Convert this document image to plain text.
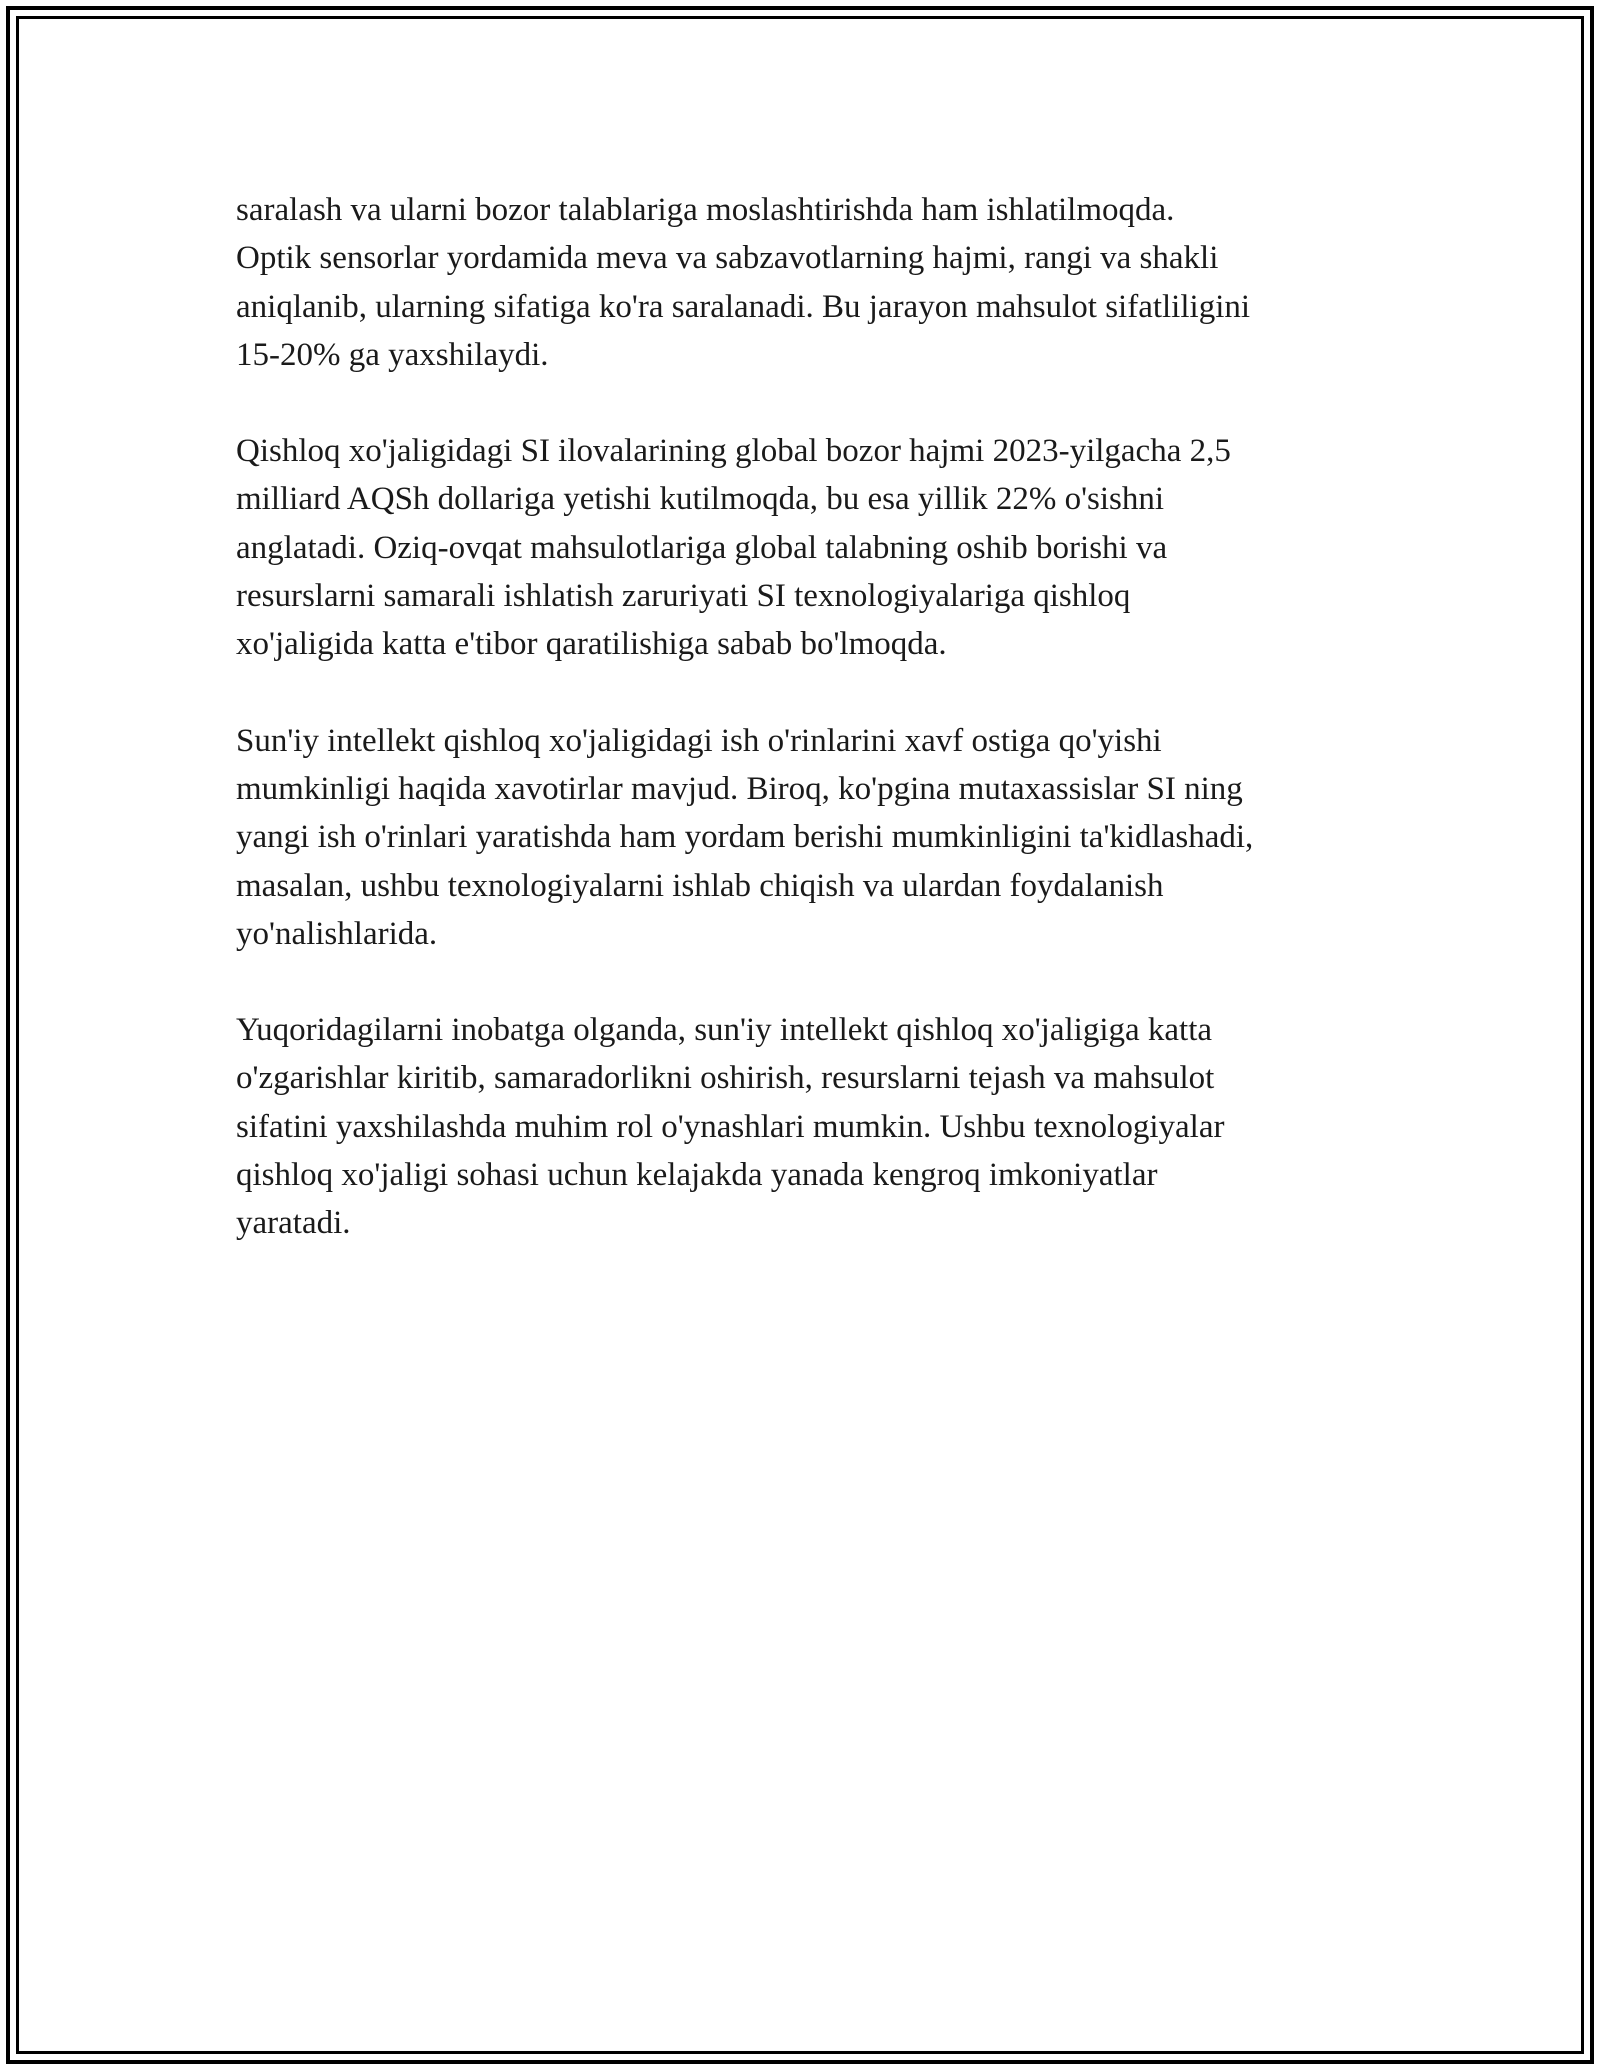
saralash va ularni bozor talablariga moslashtirishda ham ishlatilmoqda.
Optik sensorlar yordamida meva va sabzavotlarning hajmi, rangi va shakli
aniqlanib, ularning sifatiga ko'ra saralanadi. Bu jarayon mahsulot sifatliligini
15-20% ga yaxshilaydi.

Qishloq xo'jaligidagi SI ilovalarining global bozor hajmi 2023-yilgacha 2,5
milliard AQSh dollariga yetishi kutilmoqda, bu esa yillik 22% o'sishni
anglatadi. Oziq-ovqat mahsulotlariga global talabning oshib borishi va
resurslarni samarali ishlatish zaruriyati SI texnologiyalariga qishloq
xo'jaligida katta e'tibor qaratilishiga sabab bo'lmoqda.

Sun'iy intellekt qishloq xo'jaligidagi ish o'rinlarini xavf ostiga qo'yishi
mumkinligi haqida xavotirlar mavjud. Biroq, ko'pgina mutaxassislar SI ning
yangi ish o'rinlari yaratishda ham yordam berishi mumkinligini ta'kidlashadi,
masalan, ushbu texnologiyalarni ishlab chiqish va ulardan foydalanish
yo'nalishlarida.

Yuqoridagilarni inobatga olganda, sun'iy intellekt qishloq xo'jaligiga katta
o'zgarishlar kiritib, samaradorlikni oshirish, resurslarni tejash va mahsulot
sifatini yaxshilashda muhim rol o'ynashlari mumkin. Ushbu texnologiyalar
qishloq xo'jaligi sohasi uchun kelajakda yanada kengroq imkoniyatlar
yaratadi.
